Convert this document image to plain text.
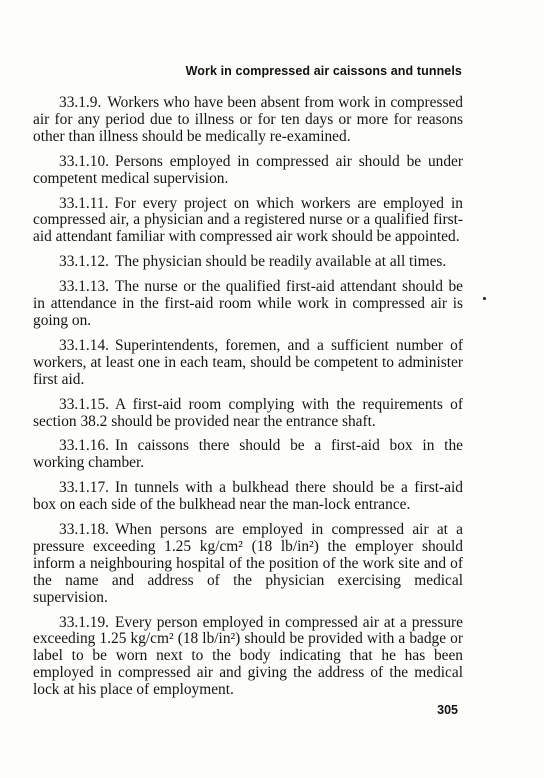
Work in compressed air caissons and tunnels

33.1.9. Workers who have been absent from work in compressed air for any period due to illness or for ten days or more for reasons other than illness should be medically re-examined.

33.1.10. Persons employed in compressed air should be under competent medical supervision.

33.1.11. For every project on which workers are employed in compressed air, a physician and a registered nurse or a qualified first-aid attendant familiar with compressed air work should be appointed.

33.1.12. The physician should be readily available at all times.

33.1.13. The nurse or the qualified first-aid attendant should be in attendance in the first-aid room while work in compressed air is going on.

33.1.14. Superintendents, foremen, and a sufficient number of workers, at least one in each team, should be competent to administer first aid.

33.1.15. A first-aid room complying with the requirements of section 38.2 should be provided near the entrance shaft.

33.1.16. In caissons there should be a first-aid box in the working chamber.

33.1.17. In tunnels with a bulkhead there should be a first-aid box on each side of the bulkhead near the man-lock entrance.

33.1.18. When persons are employed in compressed air at a pressure exceeding 1.25 kg/cm² (18 lb/in²) the employer should inform a neighbouring hospital of the position of the work site and of the name and address of the physician exercising medical supervision.

33.1.19. Every person employed in compressed air at a pressure exceeding 1.25 kg/cm² (18 lb/in²) should be provided with a badge or label to be worn next to the body indicating that he has been employed in compressed air and giving the address of the medical lock at his place of employment.

305
